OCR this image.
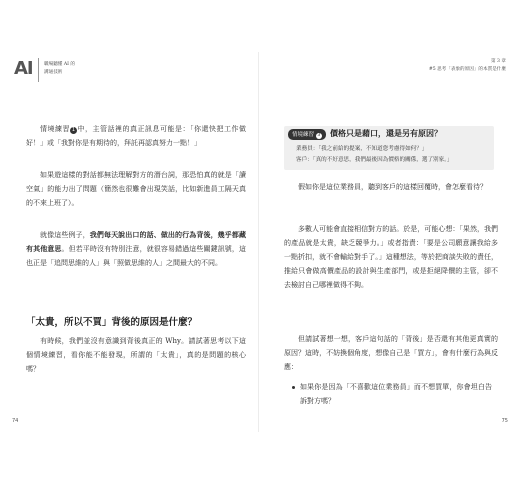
AI 職場聽懂 AI 的
溝通技術
情境練習 1 中，主管話裡的真正訊息可能是：「你還快把工作做好！」或「我對你是有期待的，拜託再認真努力一點！」
如果遊這樣的對話都無法理解對方的潛台詞，那恐怕真的就是「讀空氣」的能力出了問題（簡然也很難會出現笑話，比如新進員工隔天真的不來上班了）。
就像這些例子，我們每天說出口的話、做出的行為背後，幾乎都藏有其他意思。但若平時沒有特別注意，就很容易錯過這些關鍵訊號，這也正是「追問思維的人」與「照做思維的人」之間最大的不同。
「太貴，所以不買」背後的原因是什麼？
有時候，我們並沒有意識到背後真正的 Why。請試著思考以下這個情境練習，看你能不能發現，所謂的「太貴」，真的是問題的核心嗎？
74
第 3 章
#5 思考「表象的原因」的本質是什麼
情境練習 3	價格只是藉口，還是另有原因？
業務員：「我之前給的提案，不知道您考慮得如何？」
客戶：「真的不好意思，我們最後因為價格的關係，選了別家。」
假如你是這位業務員，聽到客戶的這樣回覆時，會怎麼看待？
多數人可能會直接相信對方的話。於是，可能心想：「果然，我們的產品就是太貴，缺乏競爭力。」或者指責：「要是公司願意讓我給多一點折扣，就不會輸給對手了。」這種想法，等於把商談失敗的責任，推給只會做高價產品的設計與生產部門，或是拒絕降價的主管，卻不去檢討自己哪裡做得不夠。
但請試著想一想，客戶這句話的「背後」是否還有其他更真實的原因？這時，不妨換個角度，想像自己是「買方」，會有什麼行為與反應：
如果你是因為「不喜歡這位業務員」而不想買單，你會坦白告訴對方嗎？
75
